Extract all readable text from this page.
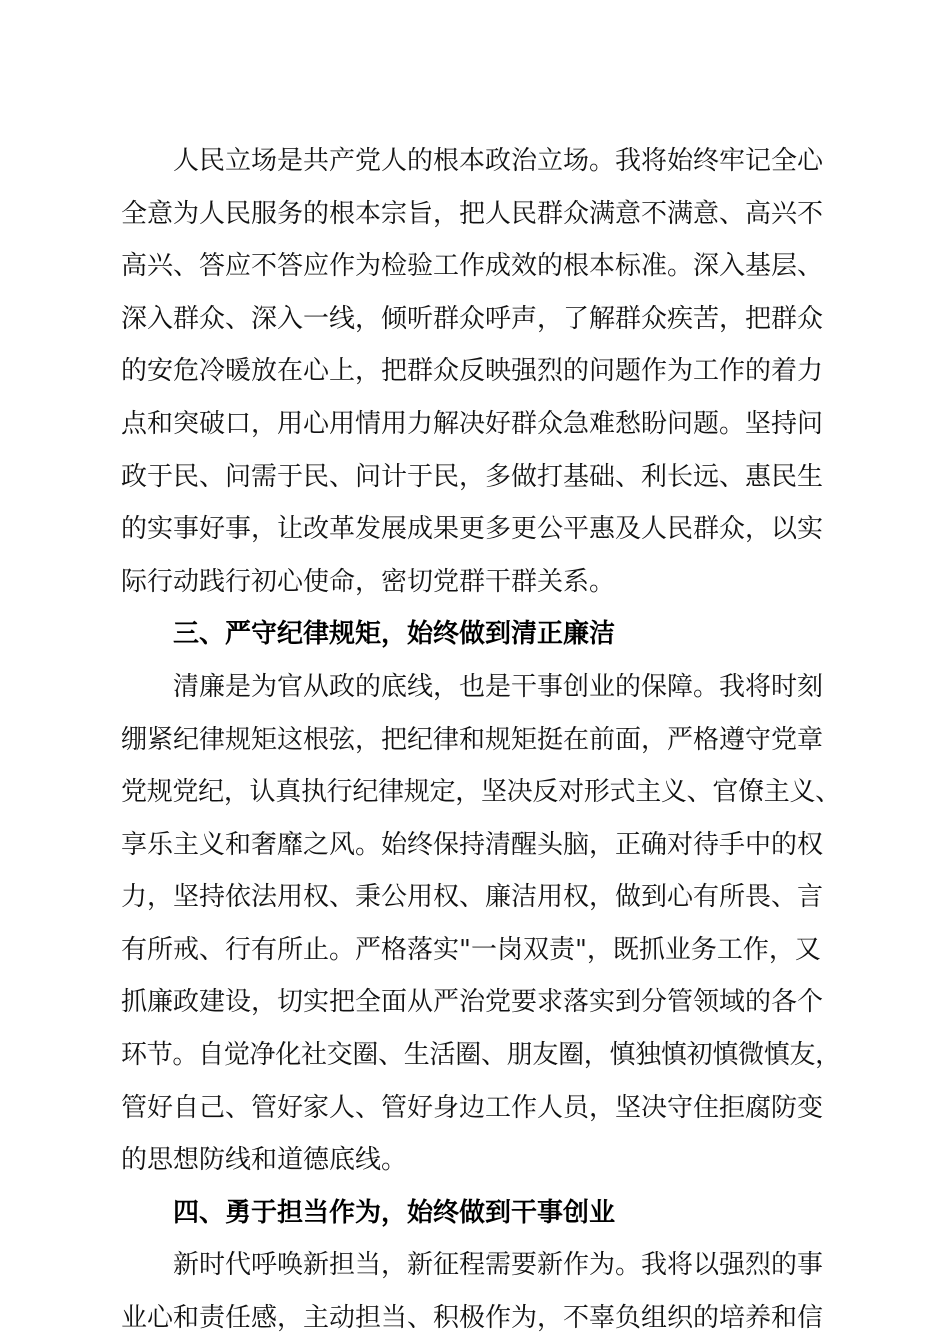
人民立场是共产党人的根本政治立场。我将始终牢记全心
全意为人民服务的根本宗旨，把人民群众满意不满意、高兴不
高兴、答应不答应作为检验工作成效的根本标准。深入基层、
深入群众、深入一线，倾听群众呼声，了解群众疾苦，把群众
的安危冷暖放在心上，把群众反映强烈的问题作为工作的着力
点和突破口，用心用情用力解决好群众急难愁盼问题。坚持问
政于民、问需于民、问计于民，多做打基础、利长远、惠民生
的实事好事，让改革发展成果更多更公平惠及人民群众，以实
际行动践行初心使命，密切党群干群关系。
三、严守纪律规矩，始终做到清正廉洁
清廉是为官从政的底线，也是干事创业的保障。我将时刻
绷紧纪律规矩这根弦，把纪律和规矩挺在前面，严格遵守党章
党规党纪，认真执行纪律规定，坚决反对形式主义、官僚主义、
享乐主义和奢靡之风。始终保持清醒头脑，正确对待手中的权
力，坚持依法用权、秉公用权、廉洁用权，做到心有所畏、言
有所戒、行有所止。严格落实"一岗双责"，既抓业务工作，又
抓廉政建设，切实把全面从严治党要求落实到分管领域的各个
环节。自觉净化社交圈、生活圈、朋友圈，慎独慎初慎微慎友，
管好自己、管好家人、管好身边工作人员，坚决守住拒腐防变
的思想防线和道德底线。
四、勇于担当作为，始终做到干事创业
新时代呼唤新担当，新征程需要新作为。我将以强烈的事
业心和责任感，主动担当、积极作为，不辜负组织的培养和信
